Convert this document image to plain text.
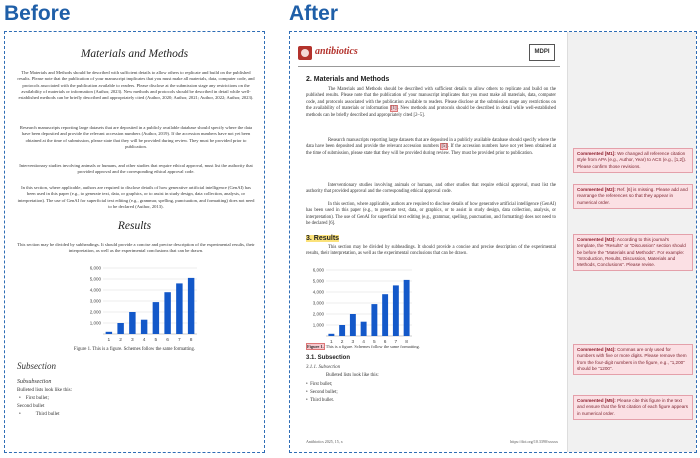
Before	After
Materials and Methods
The Materials and Methods should be described with sufficient details to allow others to replicate and build on the published results. Please note that the publication of your manuscript implicates that you must make all materials, data, computer code, and protocols associated with the publication available to readers. Please disclose at the submission stage any restrictions on the availability of materials or information (Author, 2023). New methods and protocols should be described in detail while well-established methods can be briefly described and appropriately cited (Author, 2020; Author, 2021; Author, 2022; Author, 2023).
Research manuscripts reporting large datasets that are deposited in a publicly available database should specify where the data have been deposited and provide the relevant accession numbers (Author, 2019). If the accession numbers have not yet been obtained at the time of submission, please state that they will be provided during review. They must be provided prior to publication.
Interventionary studies involving animals or humans, and other studies that require ethical approval, must list the authority that provided approval and the corresponding ethical approval code.
In this section, where applicable, authors are required to disclose details of how generative artificial intelligence (GenAI) has been used in this paper (e.g., to generate text, data, or graphics, or to assist in study design, data collection, analysis, or interpretation). The use of GenAI for superficial text editing (e.g., grammar, spelling, punctuation, and formatting) does not need to be declared (Author, 2013).
Results
This section may be divided by subheadings. It should provide a concise and precise description of the experimental results, their interpretation, as well as the experimental conclusions that can be drawn.
1,000
2,000
3,000
4,000
5,000
6,000
1 2 3 4 5 6 7 8
Figure 1. This is a figure. Schemes follow the same formatting.
Subsection
Subsubsection
Bulleted lists look like this:
•    First bullet;
Second bullet
•            Third bullet
antibiotics	MDPI
2. Materials and Methods
The Materials and Methods should be described with sufficient details to allow others to replicate and build on the published results. Please note that the publication of your manuscript implicates that you must make all materials, data, computer code, and protocols associated with the publication available to readers. Please disclose at the submission stage any restrictions on the availability of materials or information [1]. New methods and protocols should be described in detail while well-established methods can be briefly described and appropriately cited [2–5].
Research manuscripts reporting large datasets that are deposited in a publicly available database should specify where the data have been deposited and provide the relevant accession numbers [5]. If the accession numbers have not yet been obtained at the time of submission, please state that they will be provided during review. They must be provided prior to publication.
Interventionary studies involving animals or humans, and other studies that require ethical approval, must list the authority that provided approval and the corresponding ethical approval code.
In this section, where applicable, authors are required to disclose details of how generative artificial intelligence (GenAI) has been used in this paper (e.g., to generate text, data, or graphics, or to assist in study design, data collection, analysis, or interpretation). The use of GenAI for superficial text editing (e.g., grammar, spelling, punctuation, and formatting) does not need to be declared [6].
3. Results
This section may be divided by subheadings. It should provide a concise and precise description of the experimental results, their interpretation, as well as the experimental conclusions that can be drawn.
1,000
2,000
3,000
4,000
5,000
6,000
1 2 3 4 5 6 7 8
Figure 1. This is a figure. Schemes follow the same formatting.
3.1. Subsection
3.1.1. Subsection
Bulleted lists look like this:
•  First bullet;
•  Second bullet;
•  Third bullet.
Antibiotics 2025, 15, x	https://doi.org/10.3390/xxxxx
Commented [M1]: We changed all reference citation style from APA (e.g., Author, Year) to ACS (e.g., [1,2]). Please confirm those revisions.
Commented [M2]: Ref. [6] is missing. Please add and rearrange the references so that they appear in numerical order.
Commented [M3]: According to this journal's template, the “Results” or “Discussion” section should be before the “Materials and Methods”. For example: “Introduction, Results, Discussion, Materials and Methods, Conclusions”. Please revise.
Commented [M4]: Commas are only used for numbers with five or more digits. Please remove them from the four-digit numbers in the figure, e.g., “1,200” should be “1200”.
Commented [M5]: Please cite this figure in the text and ensure that the first citation of each figure appears in numerical order.
